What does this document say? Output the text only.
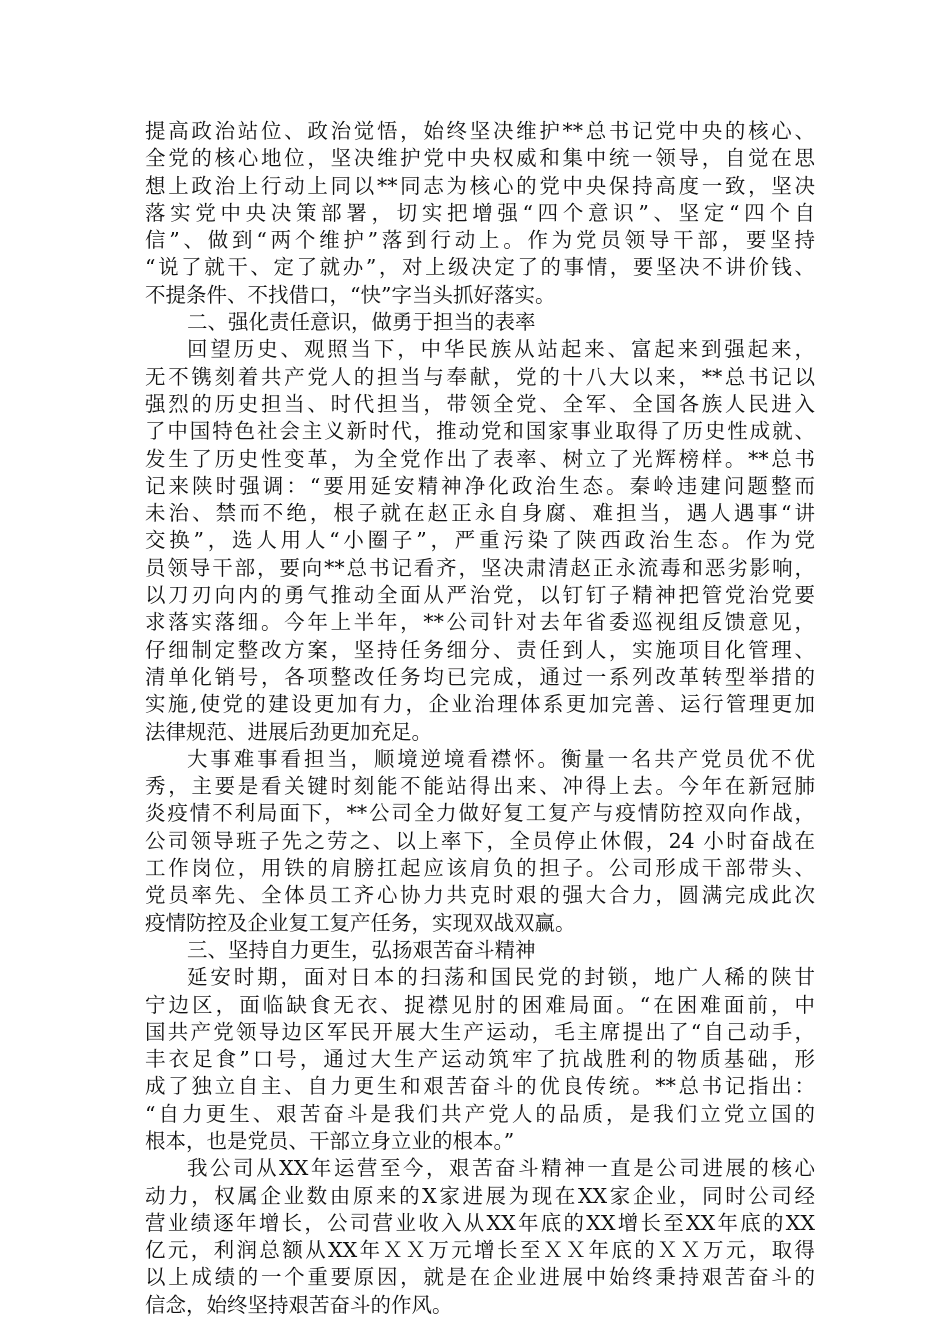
提高政治站位、政治觉悟，始终坚决维护**总书记党中央的核心、
全党的核心地位，坚决维护党中央权威和集中统一领导，自觉在思
想上政治上行动上同以**同志为核心的党中央保持高度一致，坚决
落实党中央决策部署，切实把增强“四个意识”、坚定“四个自
信”、做到“两个维护”落到行动上。作为党员领导干部，要坚持
“说了就干、定了就办”，对上级决定了的事情，要坚决不讲价钱、
不提条件、不找借口，“快”字当头抓好落实。
二、强化责任意识，做勇于担当的表率
回望历史、观照当下，中华民族从站起来、富起来到强起来，
无不镌刻着共产党人的担当与奉献，党的十八大以来，**总书记以
强烈的历史担当、时代担当，带领全党、全军、全国各族人民进入
了中国特色社会主义新时代，推动党和国家事业取得了历史性成就、
发生了历史性变革，为全党作出了表率、树立了光辉榜样。**总书
记来陕时强调：“要用延安精神净化政治生态。秦岭违建问题整而
未治、禁而不绝，根子就在赵正永自身腐、难担当，遇人遇事“讲
交换”，选人用人“小圈子”，严重污染了陕西政治生态。作为党
员领导干部，要向**总书记看齐，坚决肃清赵正永流毒和恶劣影响，
以刀刃向内的勇气推动全面从严治党，以钉钉子精神把管党治党要
求落实落细。今年上半年，**公司针对去年省委巡视组反馈意见，
仔细制定整改方案，坚持任务细分、责任到人，实施项目化管理、
清单化销号，各项整改任务均已完成，通过一系列改革转型举措的
实施,使党的建设更加有力，企业治理体系更加完善、运行管理更加
法律规范、进展后劲更加充足。
大事难事看担当，顺境逆境看襟怀。衡量一名共产党员优不优
秀，主要是看关键时刻能不能站得出来、冲得上去。今年在新冠肺
炎疫情不利局面下，**公司全力做好复工复产与疫情防控双向作战，
公司领导班子先之劳之、以上率下，全员停止休假，24 小时奋战在
工作岗位，用铁的肩膀扛起应该肩负的担子。公司形成干部带头、
党员率先、全体员工齐心协力共克时艰的强大合力，圆满完成此次
疫情防控及企业复工复产任务，实现双战双赢。
三、坚持自力更生，弘扬艰苦奋斗精神
延安时期，面对日本的扫荡和国民党的封锁，地广人稀的陕甘
宁边区，面临缺食无衣、捉襟见肘的困难局面。“在困难面前，中
国共产党领导边区军民开展大生产运动，毛主席提出了“自己动手，
丰衣足食”口号，通过大生产运动筑牢了抗战胜利的物质基础，形
成了独立自主、自力更生和艰苦奋斗的优良传统。**总书记指出：
“自力更生、艰苦奋斗是我们共产党人的品质，是我们立党立国的
根本，也是党员、干部立身立业的根本。”
我公司从XX年运营至今，艰苦奋斗精神一直是公司进展的核心
动力，权属企业数由原来的X家进展为现在XX家企业，同时公司经
营业绩逐年增长，公司营业收入从XX年底的XX增长至XX年底的XX
亿元，利润总额从XX年ＸＸ万元增长至ＸＸ年底的ＸＸ万元，取得
以上成绩的一个重要原因，就是在企业进展中始终秉持艰苦奋斗的
信念，始终坚持艰苦奋斗的作风。
